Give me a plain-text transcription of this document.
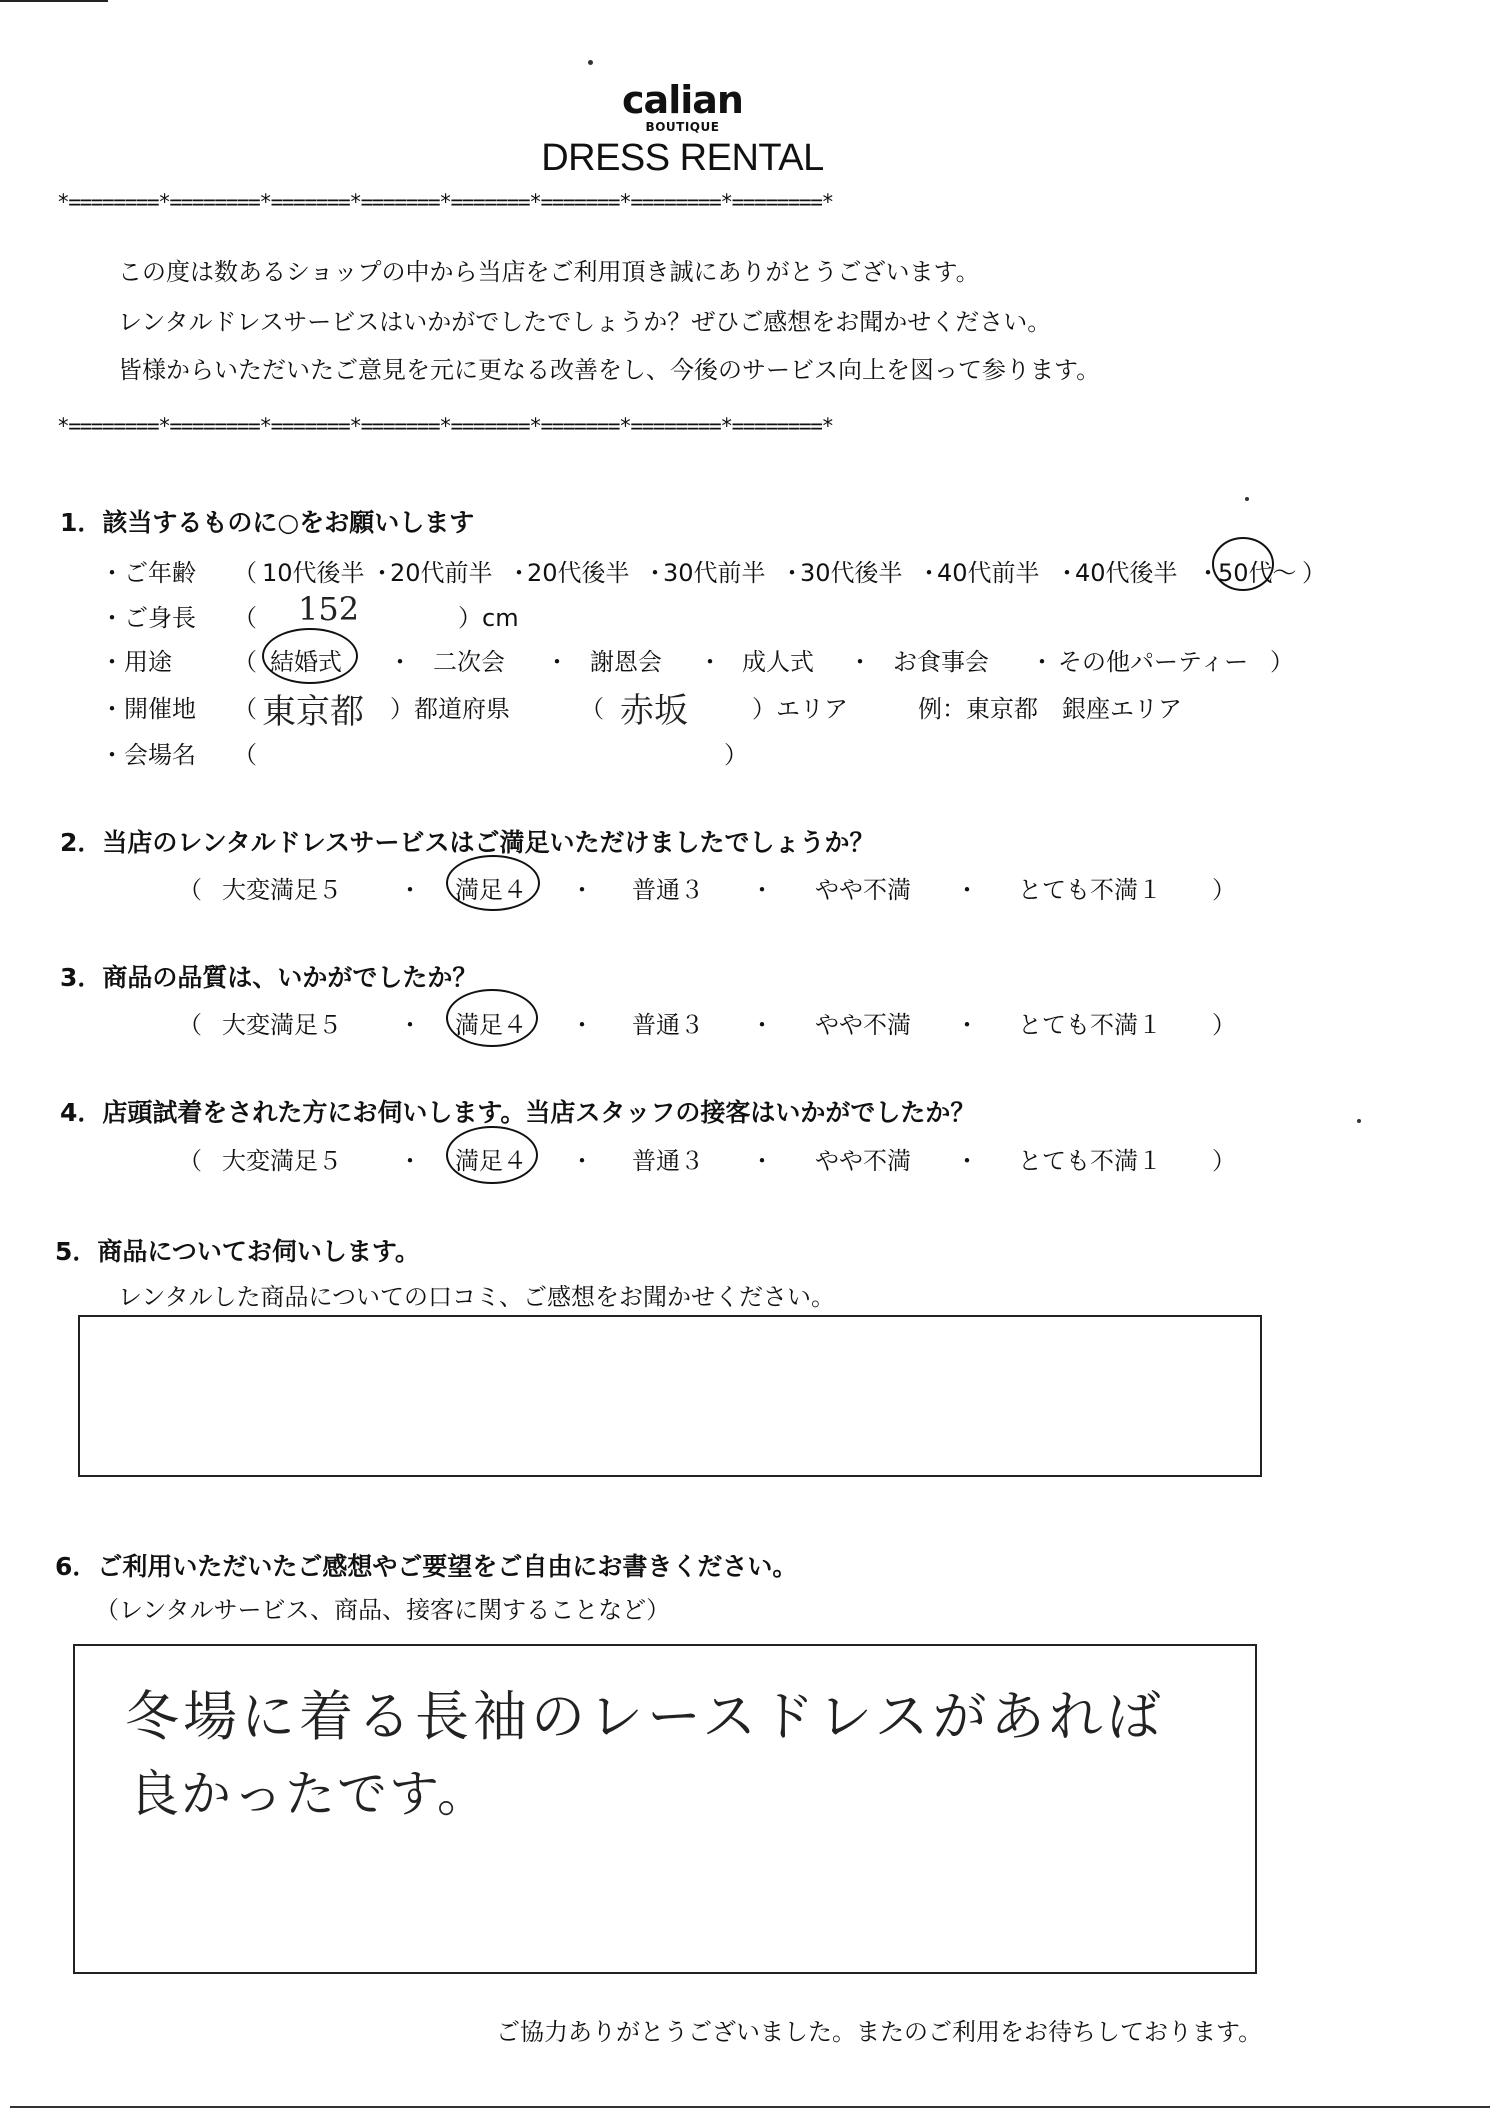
calian
BOUTIQUE
DRESS RENTAL
*========*========*=======*=======*=======*=======*========*========*
*========*========*=======*=======*=======*=======*========*========*
この度は数あるショップの中から当店をご利用頂き誠にありがとうございます。
レンタルドレスサービスはいかがでしたでしょうか？ぜひご感想をお聞かせください。
皆様からいただいたご意見を元に更なる改善をし、今後のサービス向上を図って参ります。
1．該当するものに○をお願いします
・ご年齢 （ 10代後半 20代前半 20代後半 30代前半 30代後半 40代前半 40代後半 50代～ ）
・	・	・	・	・	・	・
・ご身長 （ 152	）cm
・用途	（ 結婚式 ・ 二次会 ・ 謝恩会 ・ 成人式 ・ お食事会 ・ その他パーティー ）
・開催地 （ 東京都 ）都道府県	（ 赤坂	）エリア	例：東京都　銀座エリア
・会場名 （	）
2．当店のレンタルドレスサービスはご満足いただけましたでしょうか？
（ 大変満足５ ・ 満足４ ・ 普通３ ・ やや不満 ・ とても不満１ ）
3．商品の品質は、いかがでしたか？
（ 大変満足５ ・ 満足４ ・ 普通３ ・ やや不満 ・ とても不満１ ）
4．店頭試着をされた方にお伺いします。当店スタッフの接客はいかがでしたか？
（ 大変満足５ ・ 満足４ ・ 普通３ ・ やや不満 ・ とても不満１ ）
5．商品についてお伺いします。
レンタルした商品についての口コミ、ご感想をお聞かせください。
6．ご利用いただいたご感想やご要望をご自由にお書きください。
（レンタルサービス、商品、接客に関することなど）
冬場に着る長袖のレースドレスがあれば
良かったです。
ご協力ありがとうございました。またのご利用をお待ちしております。
